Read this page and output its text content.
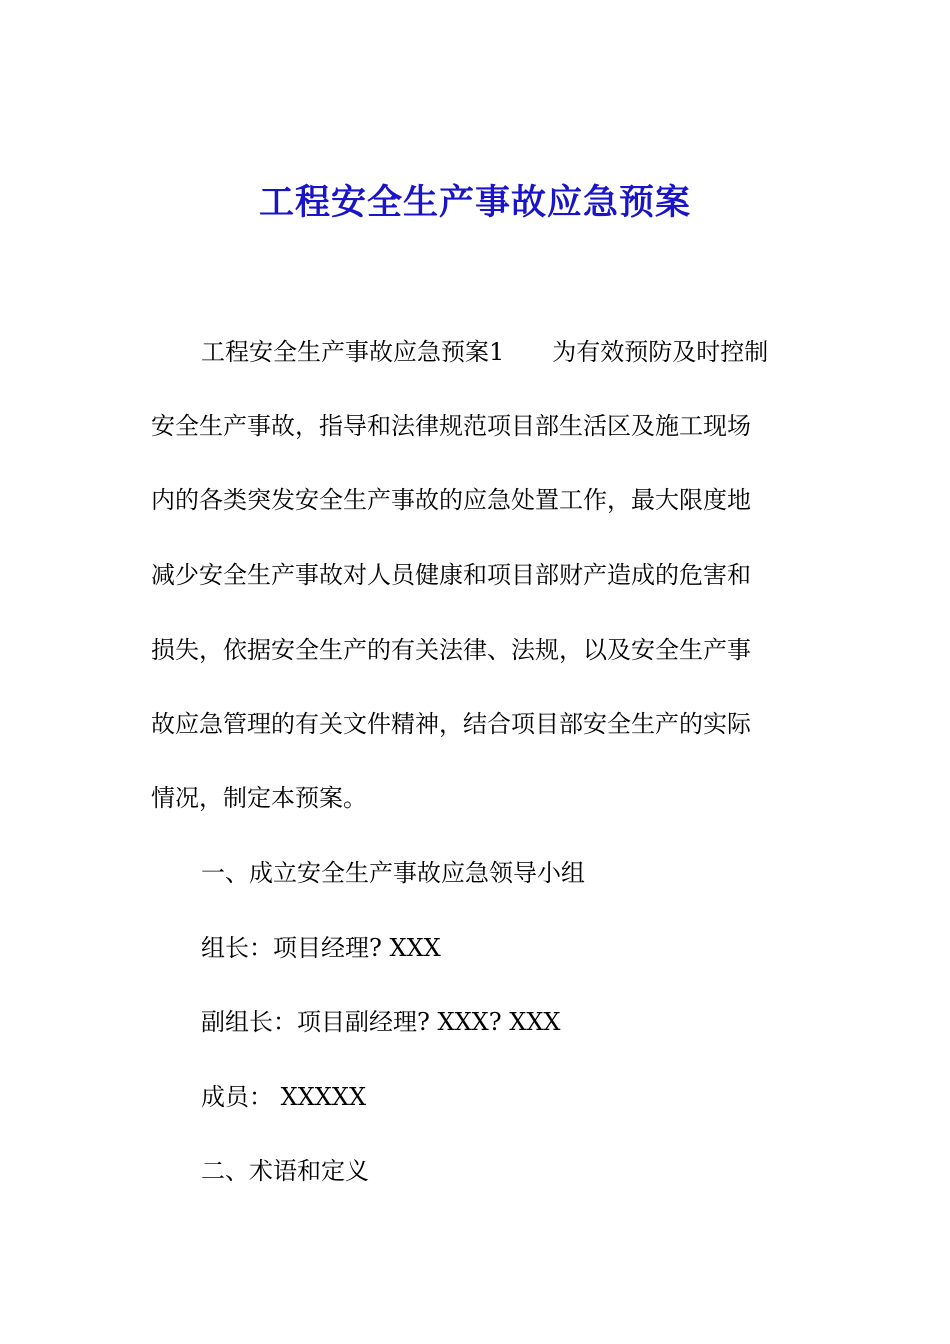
工程安全生产事故应急预案
工程安全生产事故应急预案1 为有效预防及时控制
安全生产事故，指导和法律规范项目部生活区及施工现场
内的各类突发安全生产事故的应急处置工作，最大限度地
减少安全生产事故对人员健康和项目部财产造成的危害和
损失，依据安全生产的有关法律、法规，以及安全生产事
故应急管理的有关文件精神，结合项目部安全生产的实际
情况，制定本预案。
一、成立安全生产事故应急领导小组
组长：项目经理? XXX
副组长：项目副经理? XXX? XXX
成员： XXXXX
二、术语和定义
